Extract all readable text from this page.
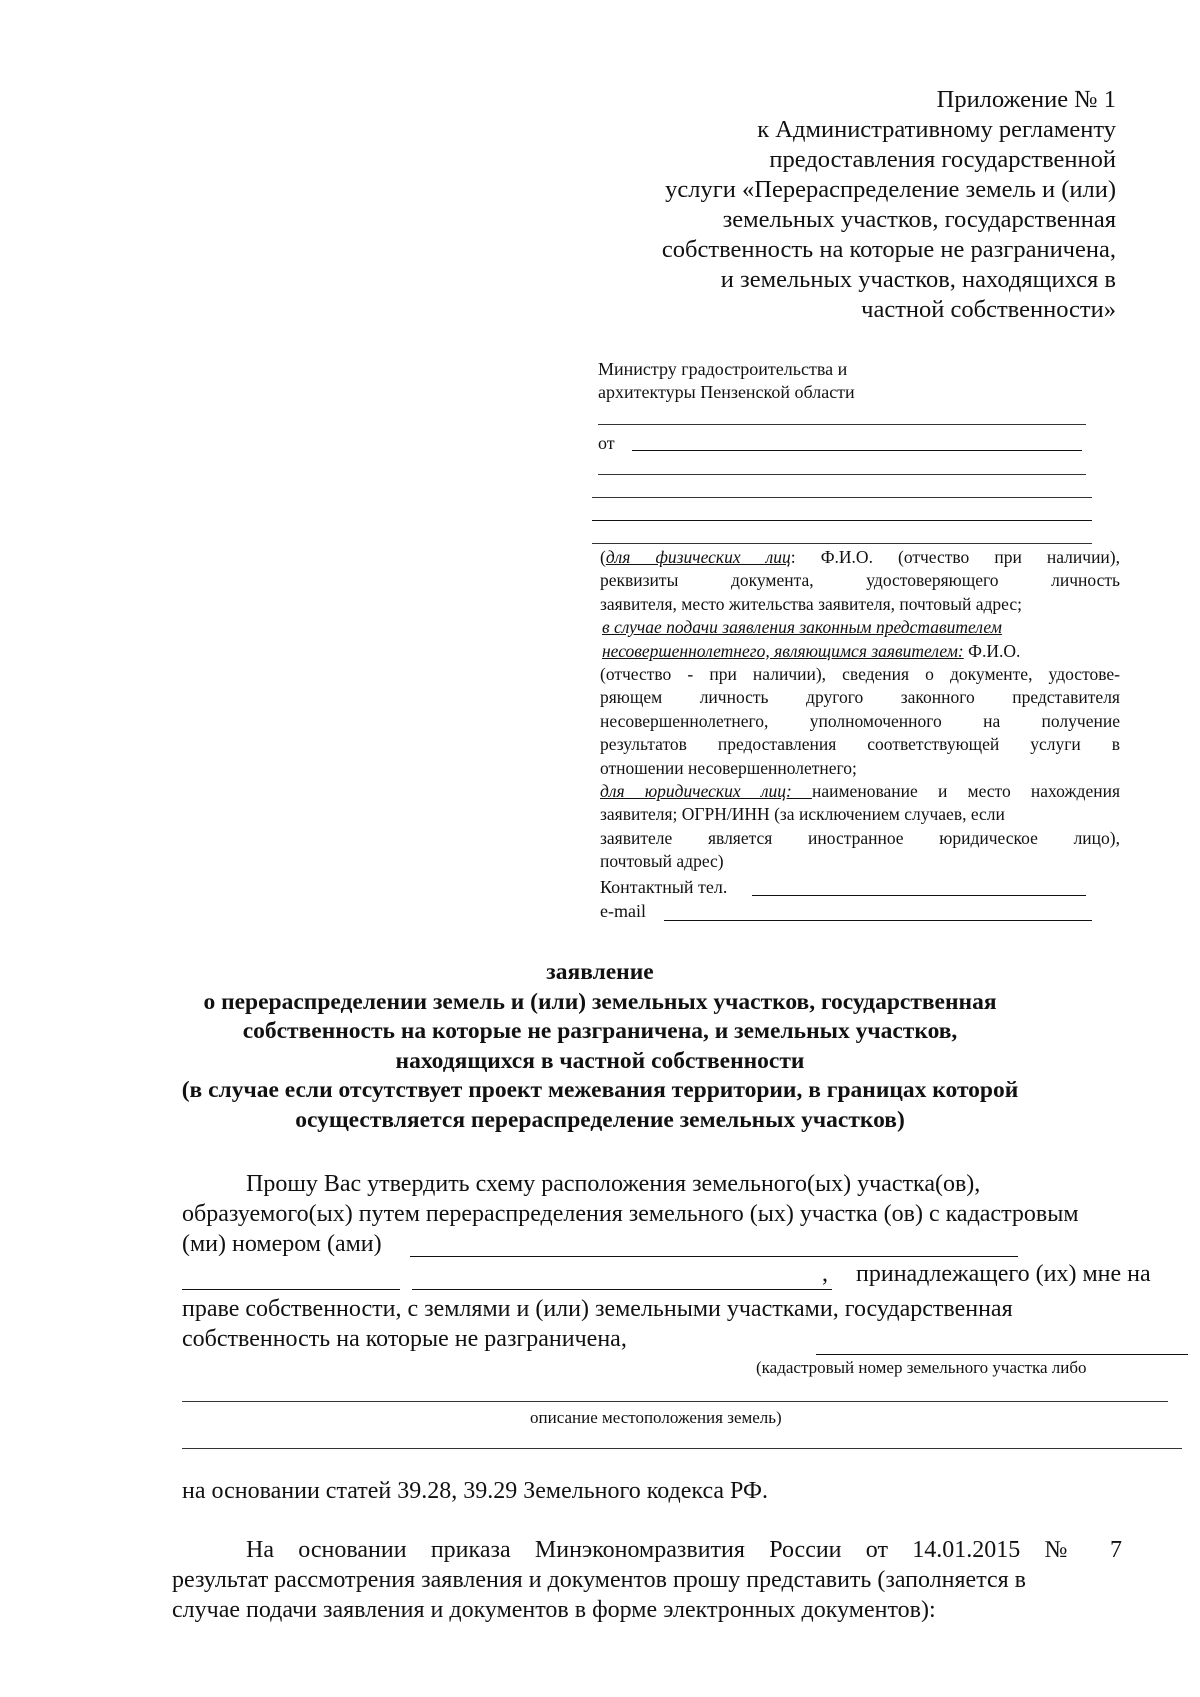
Приложение № 1
к Административному регламенту
предоставления государственной
услуги «Перераспределение земель и (или)
земельных участков, государственная
собственность на которые не разграничена,
и земельных участков, находящихся в
частной собственности»
Министру градостроительства и
архитектуры Пензенской области
от
(для физических лиц: Ф.И.О. (отчество при наличии),
реквизиты документа, удостоверяющего личность
заявителя, место жительства заявителя, почтовый адрес;
в случае подачи заявления законным представителем
несовершеннолетнего, являющимся заявителем: Ф.И.О.
(отчество - при наличии), сведения о документе, удостове-
ряющем личность другого законного представителя
несовершеннолетнего, уполномоченного на получение
результатов предоставления соответствующей услуги в
отношении несовершеннолетнего;
для юридических лиц: наименование и место нахождения
заявителя; ОГРН/ИНН (за исключением случаев, если
заявителе является иностранное юридическое лицо),
почтовый адрес)
Контактный тел.
e-mail
заявление
о перераспределении земель и (или) земельных участков, государственная
собственность на которые не разграничена, и земельных участков,
находящихся в частной собственности
(в случае если отсутствует проект межевания территории, в границах которой
осуществляется перераспределение земельных участков)
Прошу Вас утвердить схему расположения земельного(ых) участка(ов),
образуемого(ых) путем перераспределения земельного (ых) участка (ов) с кадастровым
(ми) номером (ами)
, принадлежащего (их) мне на
праве собственности, с землями и (или) земельными участками, государственная
собственность на которые не разграничена,
(кадастровый номер земельного участка либо
описание местоположения земель)
на основании статей 39.28, 39.29 Земельного кодекса РФ.
На основании приказа Минэкономразвития России от 14.01.2015 № 7
результат рассмотрения заявления и документов прошу представить (заполняется в
случае подачи заявления и документов в форме электронных документов):
